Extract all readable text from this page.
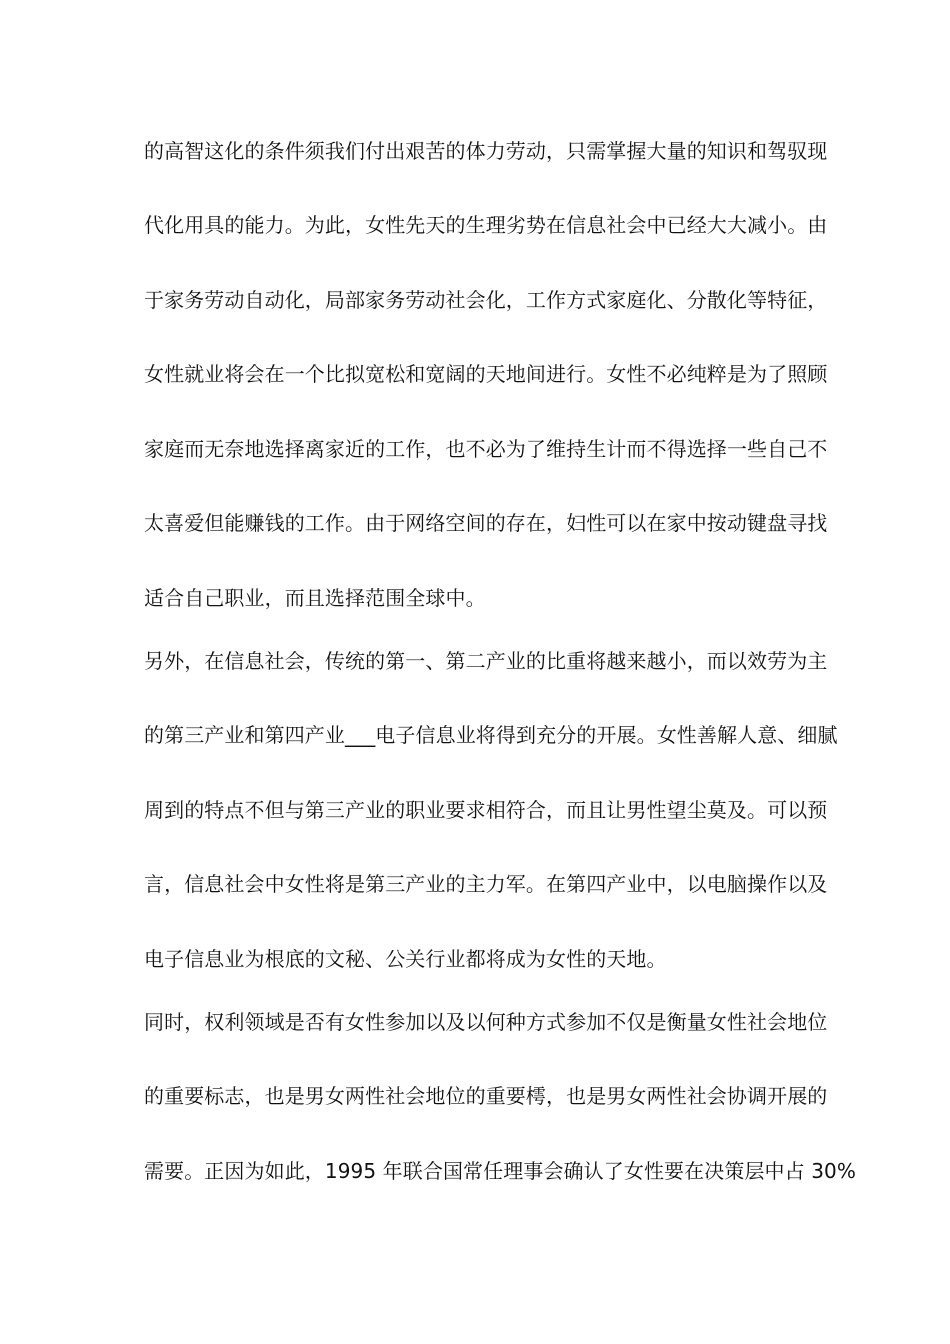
的高智这化的条件须我们付出艰苦的体力劳动，只需掌握大量的知识和驾驭现
代化用具的能力。为此，女性先天的生理劣势在信息社会中已经大大减小。由
于家务劳动自动化，局部家务劳动社会化，工作方式家庭化、分散化等特征，
女性就业将会在一个比拟宽松和宽阔的天地间进行。女性不必纯粹是为了照顾
家庭而无奈地选择离家近的工作，也不必为了维持生计而不得选择一些自己不
太喜爱但能赚钱的工作。由于网络空间的存在，妇性可以在家中按动键盘寻找
适合自己职业，而且选择范围全球中。
另外，在信息社会，传统的第一、第二产业的比重将越来越小，而以效劳为主
的第三产业和第四产业___电子信息业将得到充分的开展。女性善解人意、细腻
周到的特点不但与第三产业的职业要求相符合，而且让男性望尘莫及。可以预
言，信息社会中女性将是第三产业的主力军。在第四产业中，以电脑操作以及
电子信息业为根底的文秘、公关行业都将成为女性的天地。
同时，权利领域是否有女性参加以及以何种方式参加不仅是衡量女性社会地位
的重要标志，也是男女两性社会地位的重要樗，也是男女两性社会协调开展的
需要。正因为如此，1995 年联合国常任理事会确认了女性要在决策层中占 30%
